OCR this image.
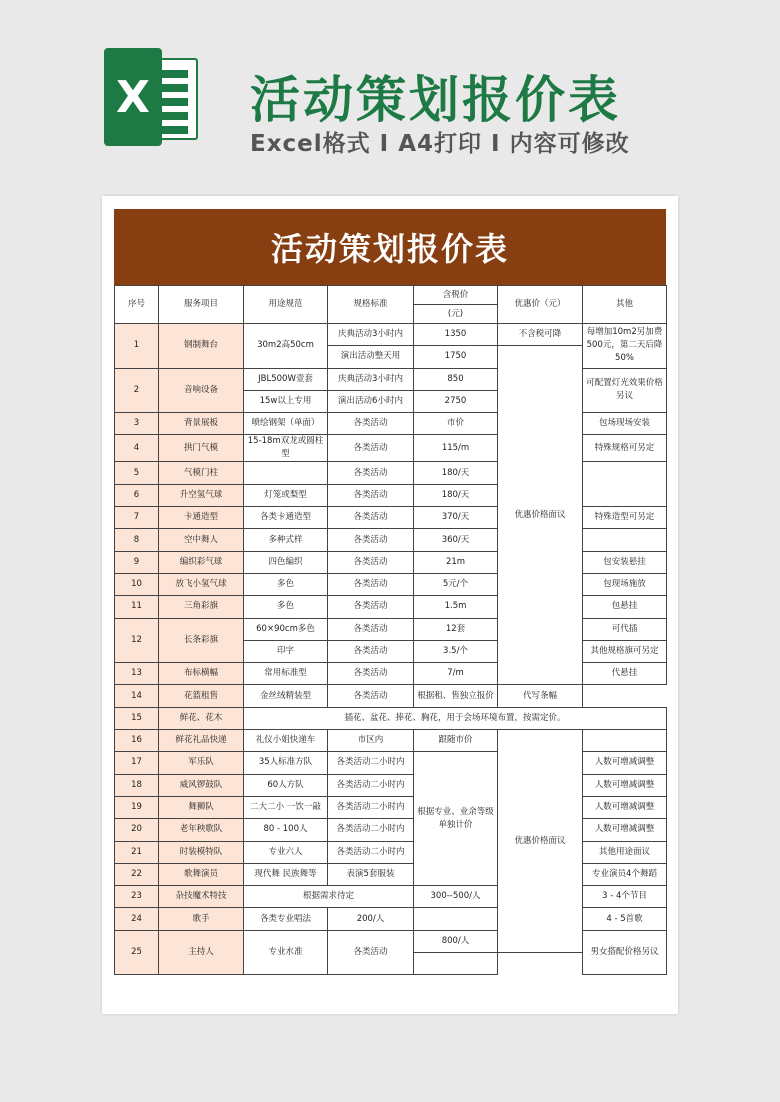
X 活动策划报价表
Excel格式 I A4打印 I 内容可修改
活动策划报价表
序号	服务项目	用途规范	规格标准	含税价	优惠价（元）	其他
				(元)		
1	钢制舞台	30m2高50cm	庆典活动3小时内	1350	不含税可降	每增加10m2另加费500元，第二天后降50%
			演出活动整天用	1750	优惠价格面议	
2	音响设备	JBL500W壹套	庆典活动3小时内	850		可配置灯光效果价格另议
		15w以上专用	演出活动6小时内	2750		
3	背景展板	喷绘钢架（单面）	各类活动	市价		包场现场安装
4	拱门气模	15-18m双龙或圆柱型	各类活动	115/m		特殊规格可另定
5	气模门柱		各类活动	180/天		
6	升空氢气球	灯笼或梨型	各类活动	180/天		
7	卡通造型	各类卡通造型	各类活动	370/天		特殊造型可另定
8	空中舞人	多种式样	各类活动	360/天		
9	编织彩气球	四色编织	各类活动	21m		包安装悬挂
10	放飞小氢气球	多色	各类活动	5元/个		包现场施放
11	三角彩旗	多色	各类活动	1.5m		包悬挂
12	长条彩旗	60×90cm多色	各类活动	12套		可代插
		印字	各类活动	3.5/个		其他规格旗可另定
13	布标横幅	常用标准型	各类活动	7/m		代悬挂
14	花篮租售	金丝绒精装型	各类活动	根据租、售独立报价	代写条幅	
15	鲜花、花木	插花、盆花、捧花、胸花，用于会场环境布置，按需定价。				
16	鲜花礼品快递	礼仪小姐快递车	市区内	跟随市价	优惠价格面议	
17	军乐队	35人标准方队	各类活动二小时内	根据专业、业余等级单独计价		人数可增减调整
18	威风锣鼓队	60人方队	各类活动二小时内			人数可增减调整
19	舞狮队	二大二小 一饮一敲	各类活动二小时内			人数可增减调整
20	老年秧歌队	80 - 100人	各类活动二小时内			人数可增减调整
21	时装模特队	专业六人	各类活动二小时内			其他用途面议
22	歌舞演员	现代舞 民族舞等	表演5套服装			专业演员4个舞蹈
23	杂技魔术特技	根据需求待定		300--500/人		3 - 4个节目
24	歌手	各类专业唱法	200/人			4 - 5首歌
25	主持人	专业水准	各类活动	800/人		男女搭配价格另议
